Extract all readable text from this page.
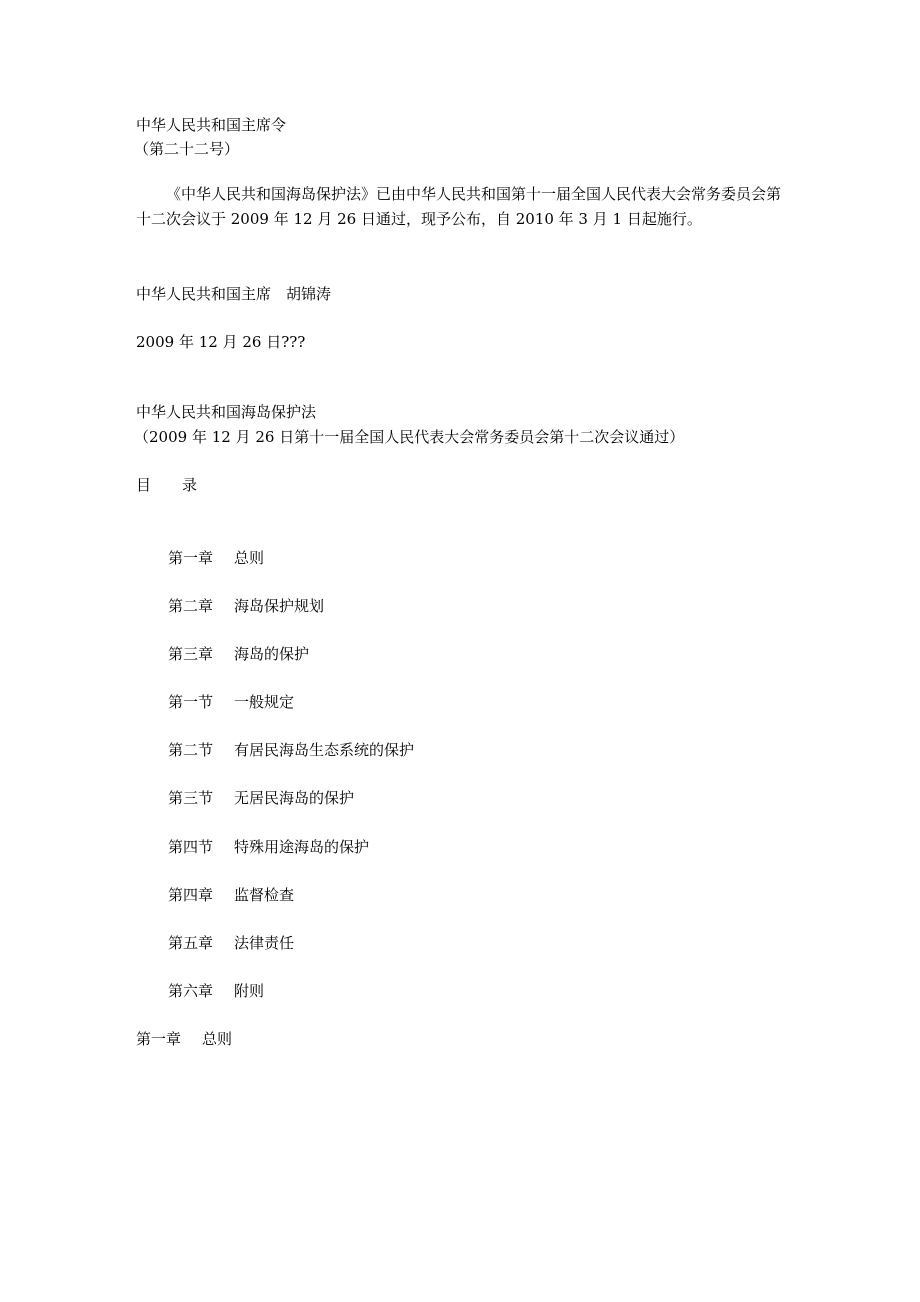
中华人民共和国主席令
（第二十二号）
《中华人民共和国海岛保护法》已由中华人民共和国第十一届全国人民代表大会常务委员会第十二次会议于 2009 年 12 月 26 日通过，现予公布，自 2010 年 3 月 1 日起施行。
中华人民共和国主席　胡锦涛
2009 年 12 月 26 日???
中华人民共和国海岛保护法
（2009 年 12 月 26 日第十一届全国人民代表大会常务委员会第十二次会议通过）
目 录
第一章 总则
第二章 海岛保护规划
第三章 海岛的保护
第一节 一般规定
第二节 有居民海岛生态系统的保护
第三节 无居民海岛的保护
第四节 特殊用途海岛的保护
第四章 监督检查
第五章 法律责任
第六章 附则
第一章 总则
